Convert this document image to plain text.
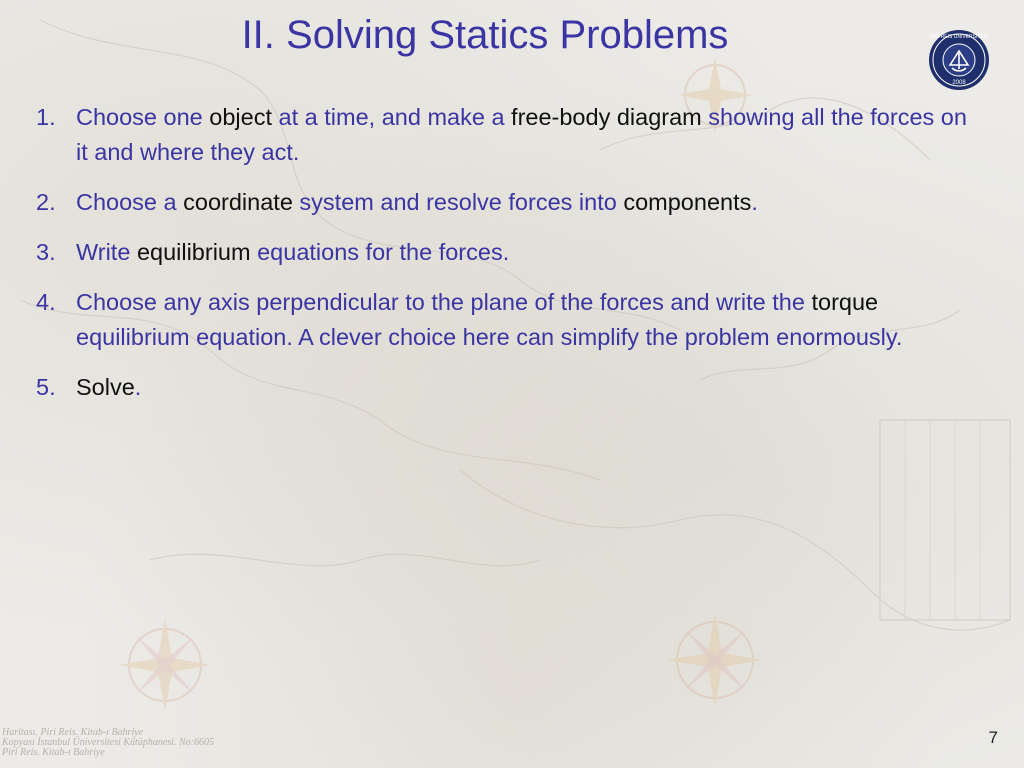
II. Solving Statics Problems
2008
PIRI REIS ÜNIVERSITESI
1. Choose one object at a time, and make a free-body diagram showing all the forces on it and where they act.
2. Choose a coordinate system and resolve forces into components.
3. Write equilibrium equations for the forces.
4. Choose any axis perpendicular to the plane of the forces and write the torque equilibrium equation. A clever choice here can simplify the problem enormously.
5. Solve.
Haritası. Piri Reis. Kitab-ı Bahriye
Kopyası İstanbul Üniversitesi Kütüphanesi. No:6605
Piri Reis. Kitab-ı Bahriye
7
